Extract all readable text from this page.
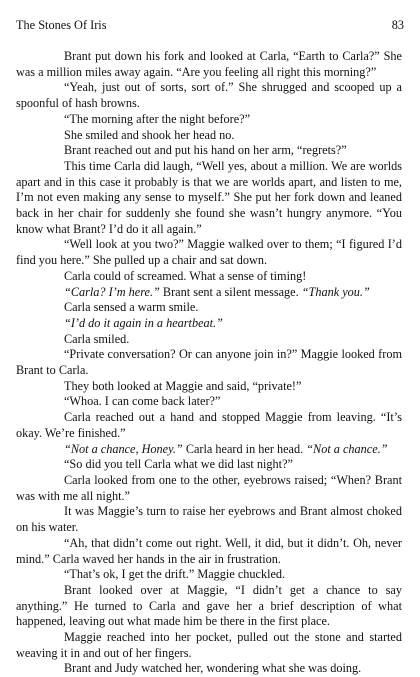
The Stones Of Iris	83

Brant put down his fork and looked at Carla, “Earth to Carla?” She was a million miles away again. “Are you feeling all right this morning?”

“Yeah, just out of sorts, sort of.” She shrugged and scooped up a spoonful of hash browns.

“The morning after the night before?”

She smiled and shook her head no.

Brant reached out and put his hand on her arm, “regrets?”

This time Carla did laugh, “Well yes, about a million. We are worlds apart and in this case it probably is that we are worlds apart, and listen to me, I’m not even making any sense to myself.” She put her fork down and leaned back in her chair for suddenly she found she wasn’t hungry anymore. “You know what Brant? I’d do it all again.”

“Well look at you two?” Maggie walked over to them; “I figured I’d find you here.” She pulled up a chair and sat down.

Carla could of screamed. What a sense of timing!

“Carla? I’m here.” Brant sent a silent message. “Thank you.”

Carla sensed a warm smile.

“I’d do it again in a heartbeat.”

Carla smiled.

“Private conversation? Or can anyone join in?” Maggie looked from Brant to Carla.

They both looked at Maggie and said, “private!”

“Whoa. I can come back later?”

Carla reached out a hand and stopped Maggie from leaving. “It’s okay. We’re finished.”

“Not a chance, Honey.” Carla heard in her head. “Not a chance.”

“So did you tell Carla what we did last night?”

Carla looked from one to the other, eyebrows raised; “When? Brant was with me all night.”

It was Maggie’s turn to raise her eyebrows and Brant almost choked on his water.

“Ah, that didn’t come out right. Well, it did, but it didn’t. Oh, never mind.” Carla waved her hands in the air in frustration.

“That’s ok, I get the drift.” Maggie chuckled.

Brant looked over at Maggie, “I didn’t get a chance to say anything.” He turned to Carla and gave her a brief description of what happened, leaving out what made him be there in the first place.

Maggie reached into her pocket, pulled out the stone and started weaving it in and out of her fingers.

Brant and Judy watched her, wondering what she was doing.
